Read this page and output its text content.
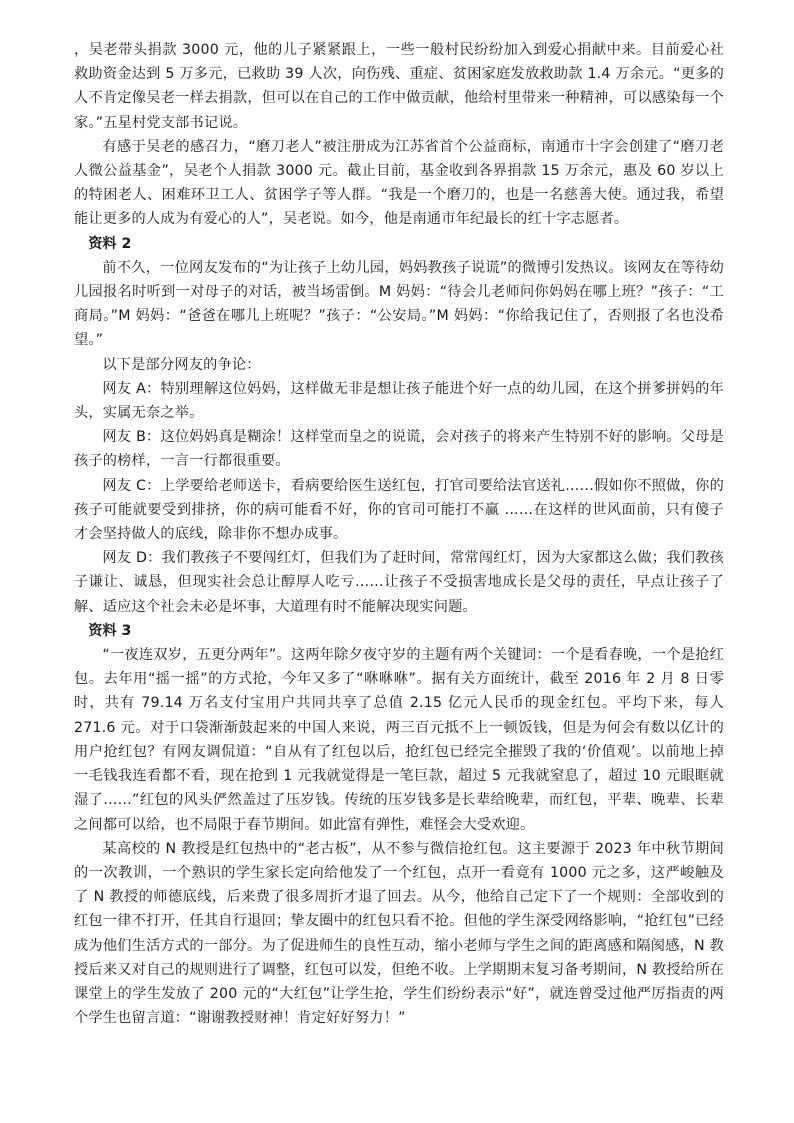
，吴老带头捐款 3000 元，他的儿子紧紧跟上，一些一般村民纷纷加入到爱心捐献中来。目前爱心社救助资金达到 5 万多元，已救助 39 人次，向伤残、重症、贫困家庭发放救助款 1.4 万余元。“更多的人不肯定像吴老一样去捐款，但可以在自己的工作中做贡献，他给村里带来一种精神，可以感染每一个家。”五星村党支部书记说。

有感于吴老的感召力，“磨刀老人”被注册成为江苏省首个公益商标，南通市十字会创建了“磨刀老人微公益基金”，吴老个人捐款 3000 元。截止目前，基金收到各界捐款 15 万余元，惠及 60 岁以上的特困老人、困难环卫工人、贫困学子等人群。“我是一个磨刀的，也是一名慈善大使。通过我，希望能让更多的人成为有爱心的人”，吴老说。如今，他是南通市年纪最长的红十字志愿者。

资料 2

前不久，一位网友发布的“为让孩子上幼儿园，妈妈教孩子说谎”的微博引发热议。该网友在等待幼儿园报名时听到一对母子的对话，被当场雷倒。M 妈妈：“待会儿老师问你妈妈在哪上班？”孩子：“工商局。”M 妈妈：“爸爸在哪儿上班呢？”孩子：“公安局。”M 妈妈：“你给我记住了，否则报了名也没希望。”

以下是部分网友的争论：

网友 A：特别理解这位妈妈，这样做无非是想让孩子能进个好一点的幼儿园，在这个拼爹拼妈的年头，实属无奈之举。

网友 B：这位妈妈真是糊涂！这样堂而皇之的说谎，会对孩子的将来产生特别不好的影响。父母是孩子的榜样，一言一行都很重要。

网友 C：上学要给老师送卡，看病要给医生送红包，打官司要给法官送礼……假如你不照做，你的孩子可能就要受到排挤，你的病可能看不好，你的官司可能打不赢 ……在这样的世风面前，只有傻子才会坚持做人的底线，除非你不想办成事。

网友 D：我们教孩子不要闯红灯，但我们为了赶时间，常常闯红灯，因为大家都这么做；我们教孩子谦让、诚恳，但现实社会总让醇厚人吃亏……让孩子不受损害地成长是父母的责任，早点让孩子了解、适应这个社会未必是坏事，大道理有时不能解决现实问题。

资料 3

“一夜连双岁，五更分两年”。这两年除夕夜守岁的主题有两个关键词：一个是看春晚，一个是抢红包。去年用“摇一摇”的方式抢，今年又多了“咻咻咻”。据有关方面统计，截至 2016 年 2 月 8 日零时，共有 79.14 万名支付宝用户共同共享了总值 2.15 亿元人民币的现金红包。平均下来，每人 271.6 元。对于口袋渐渐鼓起来的中国人来说，两三百元抵不上一顿饭钱，但是为何会有数以亿计的用户抢红包？有网友调侃道：“自从有了红包以后，抢红包已经完全摧毁了我的‘价值观’。以前地上掉一毛钱我连看都不看，现在抢到 1 元我就觉得是一笔巨款，超过 5 元我就窒息了，超过 10 元眼眶就湿了……”红包的风头俨然盖过了压岁钱。传统的压岁钱多是长辈给晚辈，而红包，平辈、晚辈、长辈之间都可以给，也不局限于春节期间。如此富有弹性，难怪会大受欢迎。

某高校的 N 教授是红包热中的“老古板”，从不参与微信抢红包。这主要源于 2023 年中秋节期间的一次教训，一个熟识的学生家长定向给他发了一个红包，点开一看竟有 1000 元之多，这严峻触及了 N 教授的师德底线，后来费了很多周折才退了回去。从今，他给自己定下了一个规则：全部收到的红包一律不打开，任其自行退回；挚友圈中的红包只看不抢。但他的学生深受网络影响，“抢红包”已经成为他们生活方式的一部分。为了促进师生的良性互动，缩小老师与学生之间的距离感和隔阂感，N 教授后来又对自己的规则进行了调整，红包可以发，但绝不收。上学期期末复习备考期间，N 教授给所在课堂上的学生发放了 200 元的“大红包”让学生抢，学生们纷纷表示“好”，就连曾受过他严厉指责的两个学生也留言道：“谢谢教授财神！肯定好好努力！”
